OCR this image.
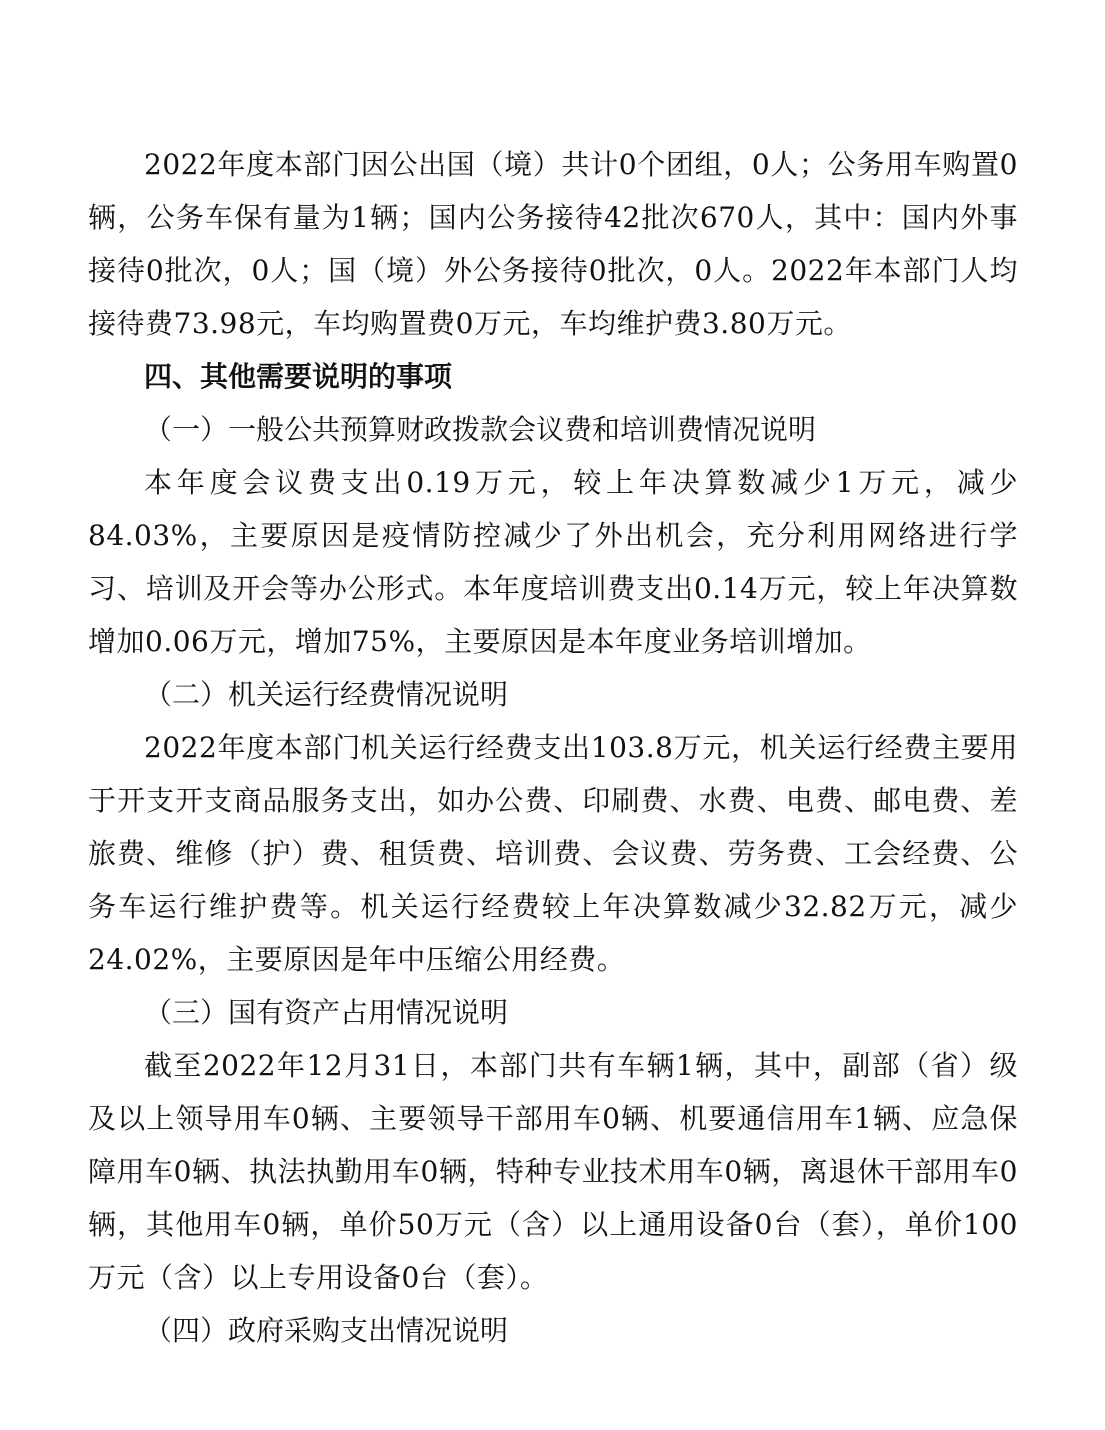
2022年度本部门因公出国（境）共计0个团组，0人；公务用车购置0辆，公务车保有量为1辆；国内公务接待42批次670人，其中：国内外事接待0批次，0人；国（境）外公务接待0批次，0人。2022年本部门人均接待费73.98元，车均购置费0万元，车均维护费3.80万元。

四、其他需要说明的事项

（一）一般公共预算财政拨款会议费和培训费情况说明

本年度会议费支出0.19万元，较上年决算数减少1万元，减少84.03%，主要原因是疫情防控减少了外出机会，充分利用网络进行学习、培训及开会等办公形式。本年度培训费支出0.14万元，较上年决算数增加0.06万元，增加75%，主要原因是本年度业务培训增加。

（二）机关运行经费情况说明

2022年度本部门机关运行经费支出103.8万元，机关运行经费主要用于开支开支商品服务支出，如办公费、印刷费、水费、电费、邮电费、差旅费、维修（护）费、租赁费、培训费、会议费、劳务费、工会经费、公务车运行维护费等。机关运行经费较上年决算数减少32.82万元，减少24.02%，主要原因是年中压缩公用经费。

（三）国有资产占用情况说明

截至2022年12月31日，本部门共有车辆1辆，其中，副部（省）级及以上领导用车0辆、主要领导干部用车0辆、机要通信用车1辆、应急保障用车0辆、执法执勤用车0辆，特种专业技术用车0辆，离退休干部用车0辆，其他用车0辆，单价50万元（含）以上通用设备0台（套），单价100万元（含）以上专用设备0台（套）。

（四）政府采购支出情况说明
